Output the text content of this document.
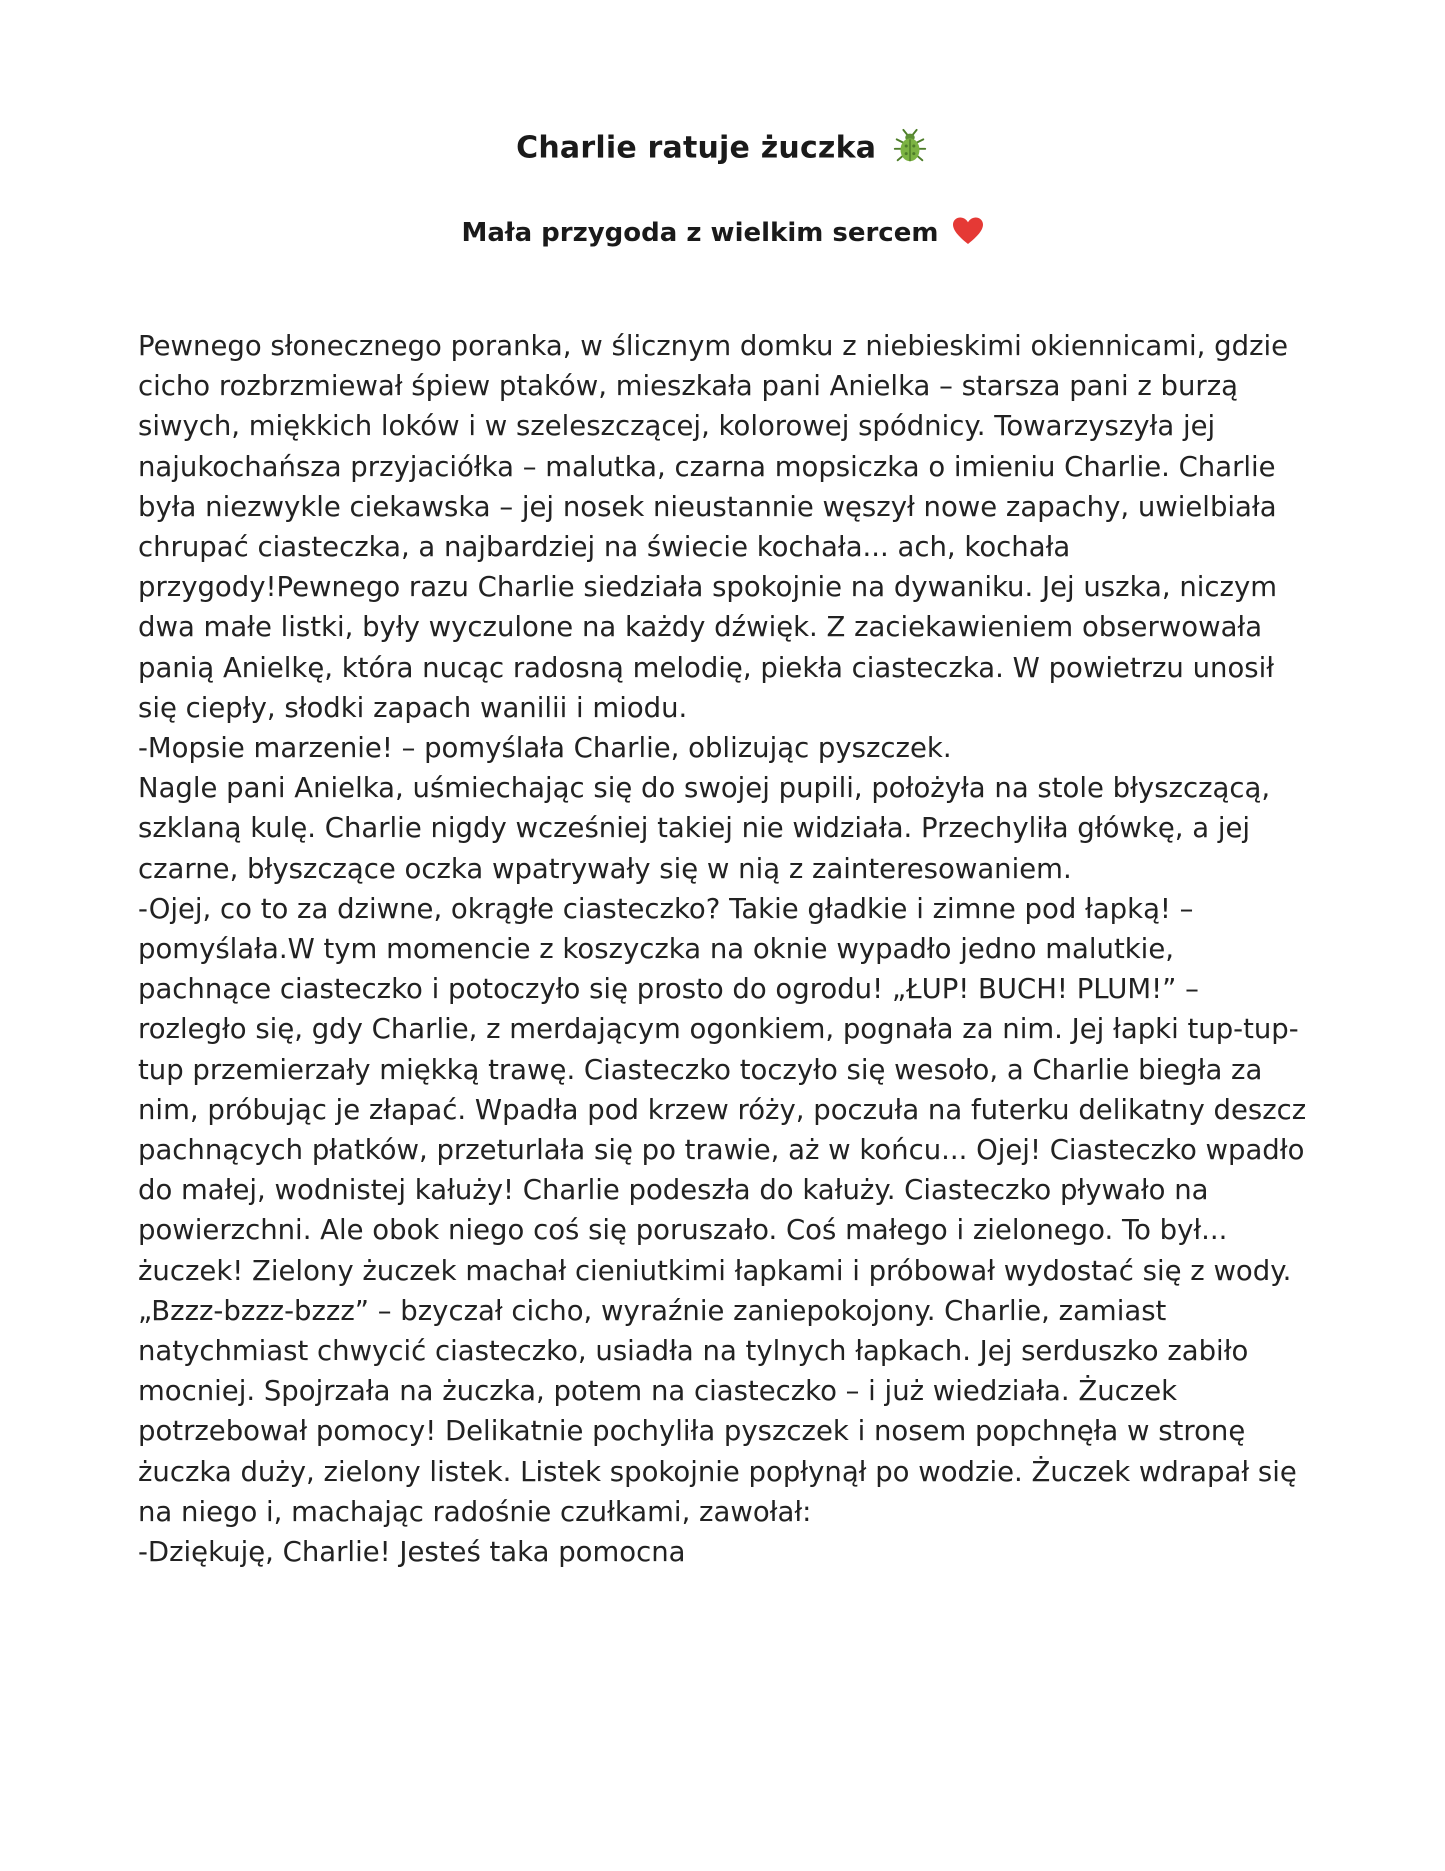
Charlie ratuje żuczka
Mała przygoda z wielkim sercem
Pewnego słonecznego poranka, w ślicznym domku z niebieskimi okiennicami, gdzie
cicho rozbrzmiewał śpiew ptaków, mieszkała pani Anielka – starsza pani z burzą
siwych, miękkich loków i w szeleszczącej, kolorowej spódnicy. Towarzyszyła jej
najukochańsza przyjaciółka – malutka, czarna mopsiczka o imieniu Charlie. Charlie
była niezwykle ciekawska – jej nosek nieustannie węszył nowe zapachy, uwielbiała
chrupać ciasteczka, a najbardziej na świecie kochała... ach, kochała
przygody!Pewnego razu Charlie siedziała spokojnie na dywaniku. Jej uszka, niczym
dwa małe listki, były wyczulone na każdy dźwięk. Z zaciekawieniem obserwowała
panią Anielkę, która nucąc radosną melodię, piekła ciasteczka. W powietrzu unosił
się ciepły, słodki zapach wanilii i miodu.
-Mopsie marzenie! – pomyślała Charlie, oblizując pyszczek.
Nagle pani Anielka, uśmiechając się do swojej pupili, położyła na stole błyszczącą,
szklaną kulę. Charlie nigdy wcześniej takiej nie widziała. Przechyliła główkę, a jej
czarne, błyszczące oczka wpatrywały się w nią z zainteresowaniem.
-Ojej, co to za dziwne, okrągłe ciasteczko? Takie gładkie i zimne pod łapką! –
pomyślała.W tym momencie z koszyczka na oknie wypadło jedno malutkie,
pachnące ciasteczko i potoczyło się prosto do ogrodu! „ŁUP! BUCH! PLUM!” –
rozległo się, gdy Charlie, z merdającym ogonkiem, pognała za nim. Jej łapki tup-tup-
tup przemierzały miękką trawę. Ciasteczko toczyło się wesoło, a Charlie biegła za
nim, próbując je złapać. Wpadła pod krzew róży, poczuła na futerku delikatny deszcz
pachnących płatków, przeturlała się po trawie, aż w końcu... Ojej! Ciasteczko wpadło
do małej, wodnistej kałuży! Charlie podeszła do kałuży. Ciasteczko pływało na
powierzchni. Ale obok niego coś się poruszało. Coś małego i zielonego. To był...
żuczek! Zielony żuczek machał cieniutkimi łapkami i próbował wydostać się z wody.
„Bzzz-bzzz-bzzz” – bzyczał cicho, wyraźnie zaniepokojony. Charlie, zamiast
natychmiast chwycić ciasteczko, usiadła na tylnych łapkach. Jej serduszko zabiło
mocniej. Spojrzała na żuczka, potem na ciasteczko – i już wiedziała. Żuczek
potrzebował pomocy! Delikatnie pochyliła pyszczek i nosem popchnęła w stronę
żuczka duży, zielony listek. Listek spokojnie popłynął po wodzie. Żuczek wdrapał się
na niego i, machając radośnie czułkami, zawołał:
-Dziękuję, Charlie! Jesteś taka pomocna
